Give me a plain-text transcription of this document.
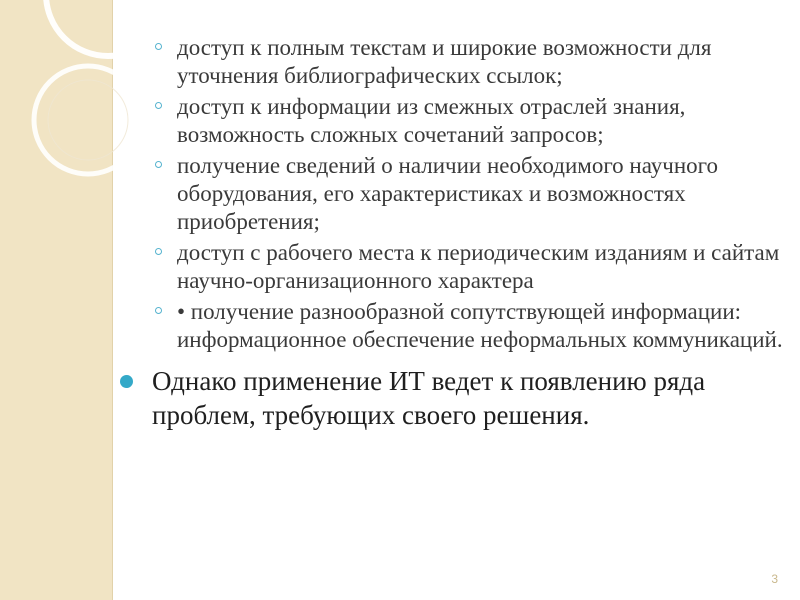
доступ к полным текстам и широкие возможности для уточнения библиографических ссылок;
доступ к информации из смежных отраслей знания, возможность сложных сочетаний запросов;
получение сведений о наличии необходимого научного оборудования, его характеристиках и возможностях приобретения;
доступ с рабочего места к периодическим изданиям и сайтам научно-организационного характера
• получение разнообразной сопутствующей информации: информационное обеспечение неформальных коммуникаций.
Однако применение ИТ ведет к появлению ряда проблем, требующих своего решения.
3
